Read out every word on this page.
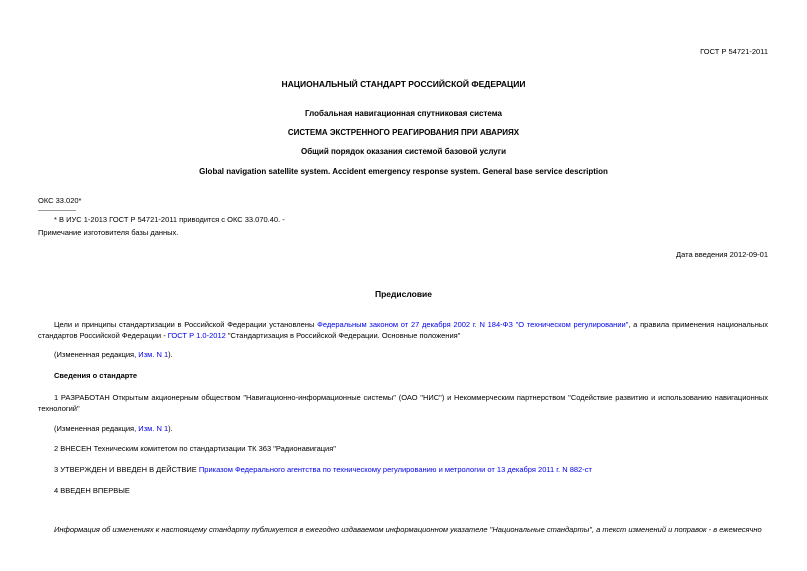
ГОСТ Р 54721-2011
НАЦИОНАЛЬНЫЙ СТАНДАРТ РОССИЙСКОЙ ФЕДЕРАЦИИ
Глобальная навигационная спутниковая система
СИСТЕМА ЭКСТРЕННОГО РЕАГИРОВАНИЯ ПРИ АВАРИЯХ
Общий порядок оказания системой базовой услуги
Global navigation satellite system. Accident emergency response system. General base service description
ОКС 33.020*
* В ИУС 1-2013 ГОСТ Р 54721-2011 приводится с ОКС 33.070.40. -
Примечание изготовителя базы данных.
Дата введения 2012-09-01
Предисловие
Цели и принципы стандартизации в Российской Федерации установлены Федеральным законом от 27 декабря 2002 г. N 184-ФЗ "О техническом регулировании", а правила применения национальных стандартов Российской Федерации - ГОСТ Р 1.0-2012 "Стандартизация в Российской Федерации. Основные положения"
(Измененная редакция, Изм. N 1).
Сведения о стандарте
1 РАЗРАБОТАН Открытым акционерным обществом "Навигационно-информационные системы" (ОАО "НИС") и Некоммерческим партнерством "Содействие развитию и использованию навигационных технологий"
(Измененная редакция, Изм. N 1).
2 ВНЕСЕН Техническим комитетом по стандартизации ТК 363 "Радионавигация"
3 УТВЕРЖДЕН И ВВЕДЕН В ДЕЙСТВИЕ Приказом Федерального агентства по техническому регулированию и метрологии от 13 декабря 2011 г. N 882-ст
4 ВВЕДЕН ВПЕРВЫЕ
Информация об изменениях к настоящему стандарту публикуется в ежегодно издаваемом информационном указателе "Национальные стандарты", а текст изменений и поправок - в ежемесячно
